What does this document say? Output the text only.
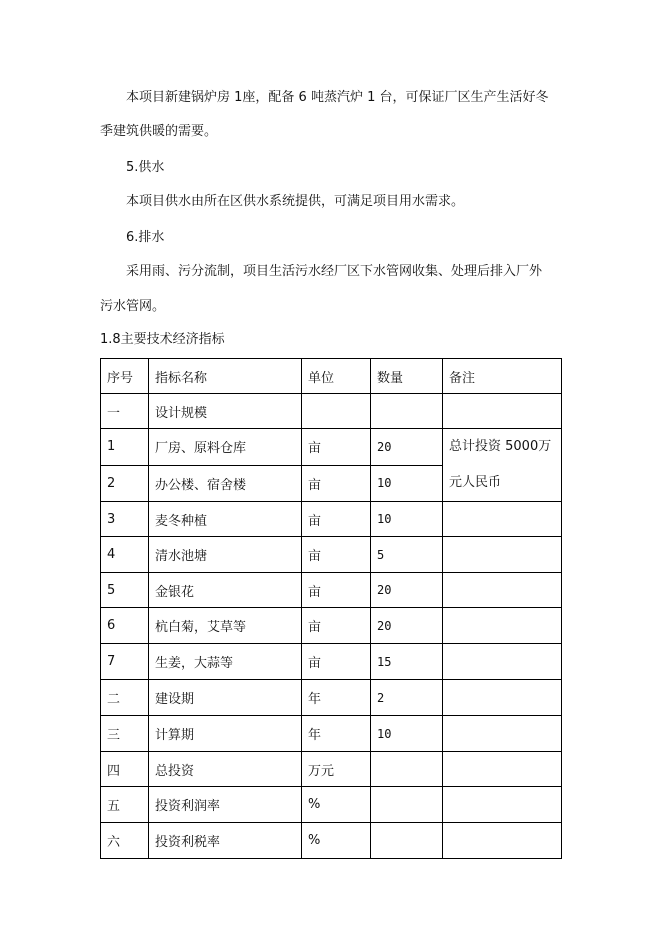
本项目新建锅炉房 1座，配备 6 吨蒸汽炉 1 台，可保证厂区生产生活好冬

季建筑供暖的需要。

5.供水

本项目供水由所在区供水系统提供，可满足项目用水需求。

6.排水

采用雨、污分流制，项目生活污水经厂区下水管网收集、处理后排入厂外

污水管网。

1.8主要技术经济指标

序号	指标名称	单位	数量	备注
一	设计规模			
1	厂房、原料仓库	亩	20	总计投资 5000万元人民币
2	办公楼、宿舍楼	亩	10	
3	麦冬种植	亩	10	
4	清水池塘	亩	5	
5	金银花	亩	20	
6	杭白菊，艾草等	亩	20	
7	生姜，大蒜等	亩	15	
二	建设期	年	2	
三	计算期	年	10	
四	总投资	万元		
五	投资利润率	%		
六	投资利税率	%		
